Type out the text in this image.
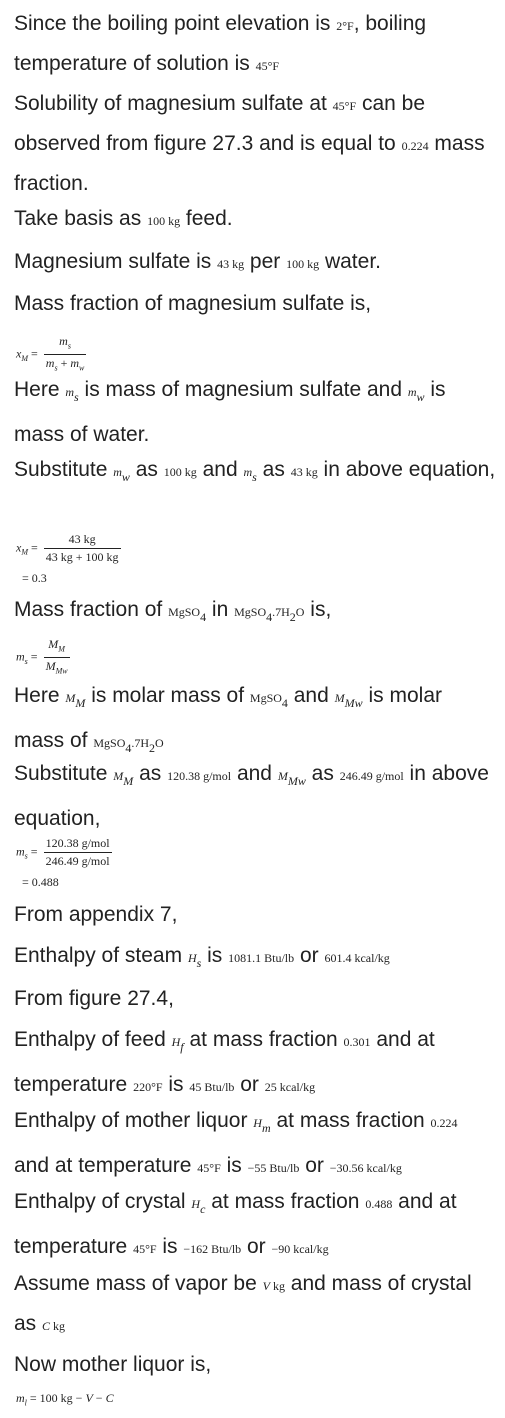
Since the boiling point elevation is 2°F, boiling temperature of solution is 45°F

Solubility of magnesium sulfate at 45°F can be observed from figure 27.3 and is equal to 0.224 mass fraction.

Take basis as 100 kg feed.

Magnesium sulfate is 43 kg per 100 kg water.

Mass fraction of magnesium sulfate is,

$x_M = \frac{m_s}{m_s + m_w}$

Here $m_s$ is mass of magnesium sulfate and $m_w$ is mass of water.

Substitute $m_w$ as 100 kg and $m_s$ as 43 kg in above equation,

$x_M = \frac{43 kg}{43 kg + 100 kg}$
= 0.3

Mass fraction of MgSO$_4$ in $MgSO_4.7H_2O$ is,

$m_s = \frac{M_M}{M_{Mw}}$

Here $M_M$ is molar mass of MgSO$_4$ and $M_{Mw}$ is molar mass of $MgSO_4.7H_2O$

Substitute $M_M$ as 120.38 g/mol and $M_{Mw}$ as 246.49 g/mol in above equation,

$m_s = \frac{\text{120.38 g/mol}}{\text{246.49 g/mol}}$
= 0.488

From appendix 7,

Enthalpy of steam $H_s$ is 1081.1 Btu/lb or 601.4 kcal/kg

From figure 27.4,

Enthalpy of feed $H_f$ at mass fraction 0.301 and at temperature 220°F is 45 Btu/lb or 25 kcal/kg

Enthalpy of mother liquor $H_m$ at mass fraction 0.224 and at temperature 45°F is −55 Btu/lb or −30.56 kcal/kg

Enthalpy of crystal $H_c$ at mass fraction 0.488 and at temperature 45°F is −162 Btu/lb or −90 kcal/kg

Assume mass of vapor be V kg and mass of crystal as C kg

Now mother liquor is,

$m_l = 100$ kg − V − C
